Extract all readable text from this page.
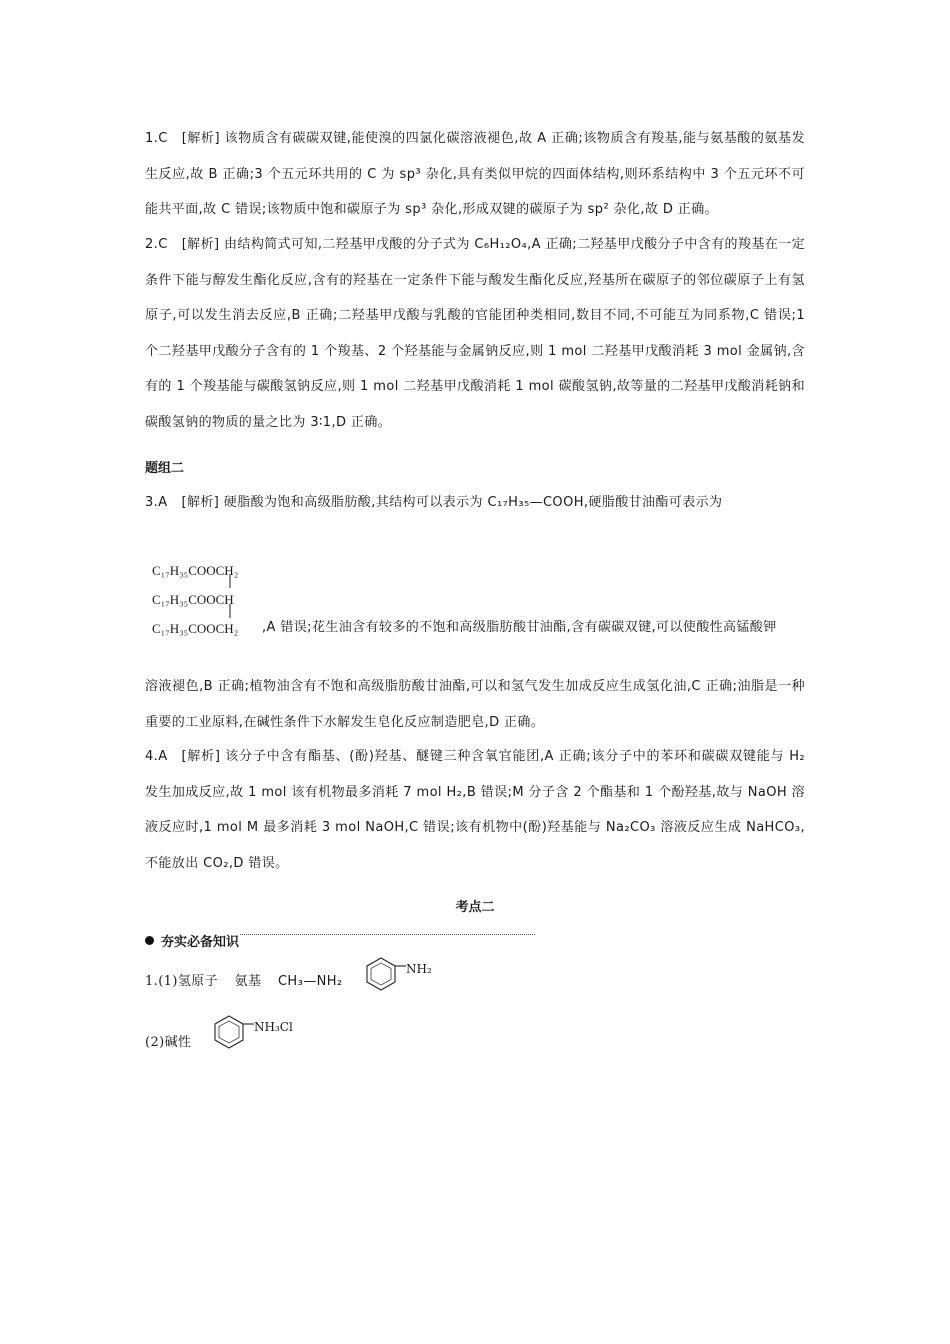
1.C [解析] 该物质含有碳碳双键,能使溴的四氯化碳溶液褪色,故 A 正确;该物质含有羧基,能与氨基酸的氨基发生反应,故 B 正确;3 个五元环共用的 C 为 sp³ 杂化,具有类似甲烷的四面体结构,则环系结构中 3 个五元环不可能共平面,故 C 错误;该物质中饱和碳原子为 sp³ 杂化,形成双键的碳原子为 sp² 杂化,故 D 正确。

2.C [解析] 由结构简式可知,二羟基甲戊酸的分子式为 C₆H₁₂O₄,A 正确;二羟基甲戊酸分子中含有的羧基在一定条件下能与醇发生酯化反应,含有的羟基在一定条件下能与酸发生酯化反应,羟基所在碳原子的邻位碳原子上有氢原子,可以发生消去反应,B 正确;二羟基甲戊酸与乳酸的官能团种类相同,数目不同,不可能互为同系物,C 错误;1 个二羟基甲戊酸分子含有的 1 个羧基、2 个羟基能与金属钠反应,则 1 mol 二羟基甲戊酸消耗 3 mol 金属钠,含有的 1 个羧基能与碳酸氢钠反应,则 1 mol 二羟基甲戊酸消耗 1 mol 碳酸氢钠,故等量的二羟基甲戊酸消耗钠和碳酸氢钠的物质的量之比为 3∶1,D 正确。

题组二

3.A [解析] 硬脂酸为饱和高级脂肪酸,其结构可以表示为 C₁₇H₃₅—COOH,硬脂酸甘油酯可表示为
C₁₇H₃₅COOCH₂
C₁₇H₃₅COOCH
C₁₇H₃₅COOCH₂ ,A 错误;花生油含有较多的不饱和高级脂肪酸甘油酯,含有碳碳双键,可以使酸性高锰酸钾

溶液褪色,B 正确;植物油含有不饱和高级脂肪酸甘油酯,可以和氢气发生加成反应生成氢化油,C 正确;油脂是一种重要的工业原料,在碱性条件下水解发生皂化反应制造肥皂,D 正确。

4.A [解析] 该分子中含有酯基、(酚)羟基、醚键三种含氧官能团,A 正确;该分子中的苯环和碳碳双键能与 H₂ 发生加成反应,故 1 mol 该有机物最多消耗 7 mol H₂,B 错误;M 分子含 2 个酯基和 1 个酚羟基,故与 NaOH 溶液反应时,1 mol M 最多消耗 3 mol NaOH,C 错误;该有机物中(酚)羟基能与 Na₂CO₃ 溶液反应生成 NaHCO₃,不能放出 CO₂,D 错误。

考点二

夯实必备知识
1.(1)氢原子 氨基 CH₃—NH₂
NH₂
(2)碱性
NH₃Cl
